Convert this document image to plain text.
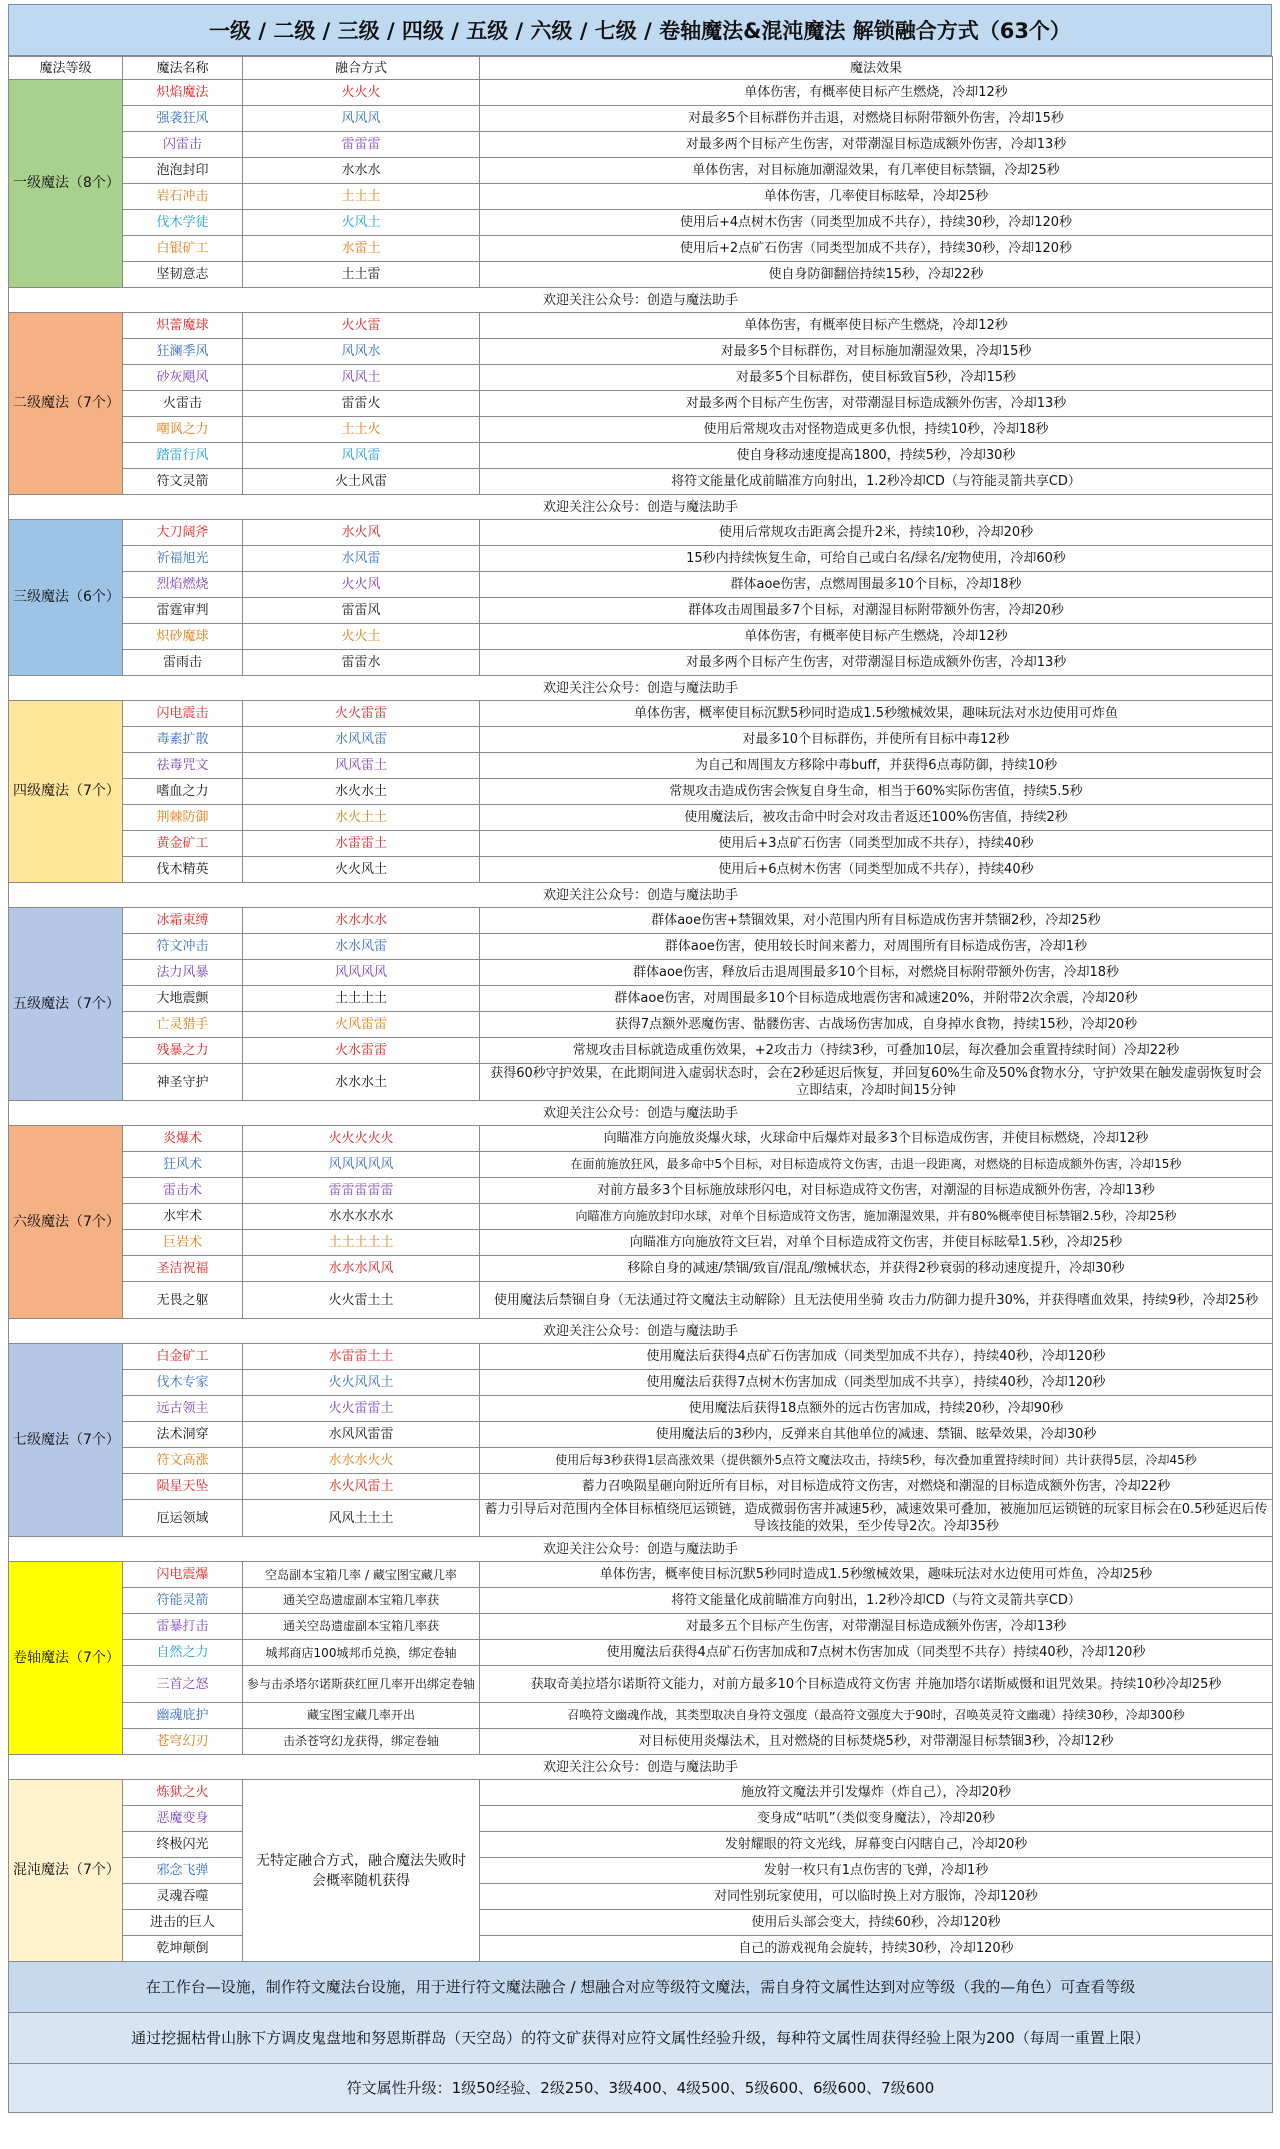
一级 / 二级 / 三级 / 四级 / 五级 / 六级 / 七级 / 卷轴魔法&混沌魔法 解锁融合方式（63个）
魔法等级	魔法名称	融合方式	魔法效果
一级魔法（8个）	炽焰魔法	火火火	单体伤害，有概率使目标产生燃烧，冷却12秒
	强袭狂风	风风风	对最多5个目标群伤并击退，对燃烧目标附带额外伤害，冷却15秒
	闪雷击	雷雷雷	对最多两个目标产生伤害，对带潮湿目标造成额外伤害，冷却13秒
	泡泡封印	水水水	单体伤害，对目标施加潮湿效果，有几率使目标禁锢，冷却25秒
	岩石冲击	土土土	单体伤害，几率使目标眩晕，冷却25秒
	伐木学徒	火风土	使用后+4点树木伤害（同类型加成不共存），持续30秒，冷却120秒
	白银矿工	水雷土	使用后+2点矿石伤害（同类型加成不共存），持续30秒，冷却120秒
	坚韧意志	土土雷	使自身防御翻倍持续15秒，冷却22秒
欢迎关注公众号：创造与魔法助手			
二级魔法（7个）	炽蕾魔球	火火雷	单体伤害，有概率使目标产生燃烧，冷却12秒
	狂澜季风	风风水	对最多5个目标群伤，对目标施加潮湿效果，冷却15秒
	砂灰飓风	风风土	对最多5个目标群伤，使目标致盲5秒，冷却15秒
	火雷击	雷雷火	对最多两个目标产生伤害，对带潮湿目标造成额外伤害，冷却13秒
	嘲讽之力	土土火	使用后常规攻击对怪物造成更多仇恨，持续10秒，冷却18秒
	踏雷行风	风风雷	使自身移动速度提高1800，持续5秒，冷却30秒
	符文灵箭	火土风雷	将符文能量化成前瞄准方向射出，1.2秒冷却CD（与符能灵箭共享CD）
欢迎关注公众号：创造与魔法助手			
三级魔法（6个）	大刀阔斧	水火风	使用后常规攻击距离会提升2米，持续10秒，冷却20秒
	祈福旭光	水风雷	15秒内持续恢复生命，可给自己或白名/绿名/宠物使用，冷却60秒
	烈焰燃烧	火火风	群体aoe伤害，点燃周围最多10个目标，冷却18秒
	雷霆审判	雷雷风	群体攻击周围最多7个目标，对潮湿目标附带额外伤害，冷却20秒
	炽砂魔球	火火土	单体伤害，有概率使目标产生燃烧，冷却12秒
	雷雨击	雷雷水	对最多两个目标产生伤害，对带潮湿目标造成额外伤害，冷却13秒
欢迎关注公众号：创造与魔法助手			
四级魔法（7个）	闪电震击	火火雷雷	单体伤害，概率使目标沉默5秒同时造成1.5秒缴械效果，趣味玩法对水边使用可炸鱼
	毒素扩散	水风风雷	对最多10个目标群伤，并使所有目标中毒12秒
	祛毒咒文	风风雷土	为自己和周围友方移除中毒buff，并获得6点毒防御，持续10秒
	嗜血之力	水火水土	常规攻击造成伤害会恢复自身生命，相当于60%实际伤害值，持续5.5秒
	荆棘防御	水火土土	使用魔法后，被攻击命中时会对攻击者返还100%伤害值，持续2秒
	黄金矿工	水雷雷土	使用后+3点矿石伤害（同类型加成不共存），持续40秒
	伐木精英	火火风土	使用后+6点树木伤害（同类型加成不共存），持续40秒
欢迎关注公众号：创造与魔法助手			
五级魔法（7个）	冰霜束缚	水水水水	群体aoe伤害+禁锢效果，对小范围内所有目标造成伤害并禁锢2秒，冷却25秒
	符文冲击	水水风雷	群体aoe伤害，使用较长时间来蓄力，对周围所有目标造成伤害，冷却1秒
	法力风暴	风风风风	群体aoe伤害，释放后击退周围最多10个目标，对燃烧目标附带额外伤害，冷却18秒
	大地震颤	土土土土	群体aoe伤害，对周围最多10个目标造成地震伤害和减速20%，并附带2次余震，冷却20秒
	亡灵猎手	火风雷雷	获得7点额外恶魔伤害、骷髅伤害、古战场伤害加成，自身掉水食物，持续15秒，冷却20秒
	残暴之力	火水雷雷	常规攻击目标就造成重伤效果，+2攻击力（持续3秒，可叠加10层，每次叠加会重置持续时间）冷却22秒
	神圣守护	水水水土	获得60秒守护效果，在此期间进入虚弱状态时，会在2秒延迟后恢复，并回复60%生命及50%食物水分，守护效果在触发虚弱恢复时会立即结束，冷却时间15分钟
欢迎关注公众号：创造与魔法助手			
六级魔法（7个）	炎爆术	火火火火火	向瞄准方向施放炎爆火球，火球命中后爆炸对最多3个目标造成伤害，并使目标燃烧，冷却12秒
	狂风术	风风风风风	在面前施放狂风，最多命中5个目标，对目标造成符文伤害，击退一段距离，对燃烧的目标造成额外伤害，冷却15秒
	雷击术	雷雷雷雷雷	对前方最多3个目标施放球形闪电，对目标造成符文伤害，对潮湿的目标造成额外伤害，冷却13秒
	水牢术	水水水水水	向瞄准方向施放封印水球，对单个目标造成符文伤害，施加潮湿效果，并有80%概率使目标禁锢2.5秒，冷却25秒
	巨岩术	土土土土土	向瞄准方向施放符文巨岩，对单个目标造成符文伤害，并使目标眩晕1.5秒，冷却25秒
	圣洁祝福	水水水风风	移除自身的减速/禁锢/致盲/混乱/缴械状态，并获得2秒衰弱的移动速度提升，冷却30秒
	无畏之躯	火火雷土土	使用魔法后禁锢自身（无法通过符文魔法主动解除）且无法使用坐骑 攻击力/防御力提升30%，并获得嗜血效果，持续9秒，冷却25秒
欢迎关注公众号：创造与魔法助手			
七级魔法（7个）	白金矿工	水雷雷土土	使用魔法后获得4点矿石伤害加成（同类型加成不共存），持续40秒，冷却120秒
	伐木专家	火火风风土	使用魔法后获得7点树木伤害加成（同类型加成不共享），持续40秒，冷却120秒
	远古领主	火火雷雷土	使用魔法后获得18点额外的远古伤害加成，持续20秒，冷却90秒
	法术洞穿	水风风雷雷	使用魔法后的3秒内，反弹来自其他单位的减速、禁锢、眩晕效果，冷却30秒
	符文高涨	水水水火火	使用后每3秒获得1层高涨效果（提供额外5点符文魔法攻击，持续5秒，每次叠加重置持续时间）共计获得5层，冷却45秒
	陨星天坠	水火风雷土	蓄力召唤陨星砸向附近所有目标，对目标造成符文伤害，对燃烧和潮湿的目标造成额外伤害，冷却22秒
	厄运领域	风风土土土	蓄力引导后对范围内全体目标植绕厄运锁链，造成微弱伤害并减速5秒，减速效果可叠加，被施加厄运锁链的玩家目标会在0.5秒延迟后传导该技能的效果，至少传导2次。冷却35秒
欢迎关注公众号：创造与魔法助手			
卷轴魔法（7个）	闪电震爆	空岛副本宝箱几率 / 藏宝图宝藏几率	单体伤害，概率使目标沉默5秒同时造成1.5秒缴械效果，趣味玩法对水边使用可炸鱼，冷却25秒
	符能灵箭	通关空岛遗虚副本宝箱几率获	将符文能量化成前瞄准方向射出，1.2秒冷却CD（与符文灵箭共享CD）
	雷暴打击	通关空岛遗虚副本宝箱几率获	对最多五个目标产生伤害，对带潮湿目标造成额外伤害，冷却13秒
	自然之力	城邦商店100城邦币兑换，绑定卷轴	使用魔法后获得4点矿石伤害加成和7点树木伤害加成（同类型不共存）持续40秒，冷却120秒
	三首之怒	参与击杀塔尔诺斯获红匣几率开出绑定卷轴	获取奇美拉塔尔诺斯符文能力，对前方最多10个目标造成符文伤害 并施加塔尔诺斯威慑和诅咒效果。持续10秒冷却25秒
	幽魂庇护	藏宝图宝藏几率开出	召唤符文幽魂作战，其类型取决自身符文强度（最高符文强度大于90时，召唤英灵符文幽魂）持续30秒，冷却300秒
	苍穹幻刃	击杀苍穹幻龙获得，绑定卷轴	对目标使用炎爆法术，且对燃烧的目标焚烧5秒，对带潮湿目标禁锢3秒，冷却12秒
欢迎关注公众号：创造与魔法助手			
混沌魔法（7个）	炼狱之火	无特定融合方式，融合魔法失败时会概率随机获得	施放符文魔法并引发爆炸（炸自己），冷却20秒
	恶魔变身		变身成“咕叽”（类似变身魔法），冷却20秒
	终极闪光		发射耀眼的符文光线，屏幕变白闪瞎自己，冷却20秒
	邪念飞弹		发射一枚只有1点伤害的飞弹，冷却1秒
	灵魂吞噬		对同性别玩家使用，可以临时换上对方服饰，冷却120秒
	进击的巨人		使用后头部会变大，持续60秒，冷却120秒
	乾坤颠倒		自己的游戏视角会旋转，持续30秒，冷却120秒
在工作台—设施，制作符文魔法台设施，用于进行符文魔法融合 / 想融合对应等级符文魔法，需自身符文属性达到对应等级（我的—角色）可查看等级			
通过挖掘枯骨山脉下方调皮鬼盘地和努恩斯群岛（天空岛）的符文矿获得对应符文属性经验升级，每种符文属性周获得经验上限为200（每周一重置上限）			
符文属性升级：1级50经验、2级250、3级400、4级500、5级600、6级600、7级600			
